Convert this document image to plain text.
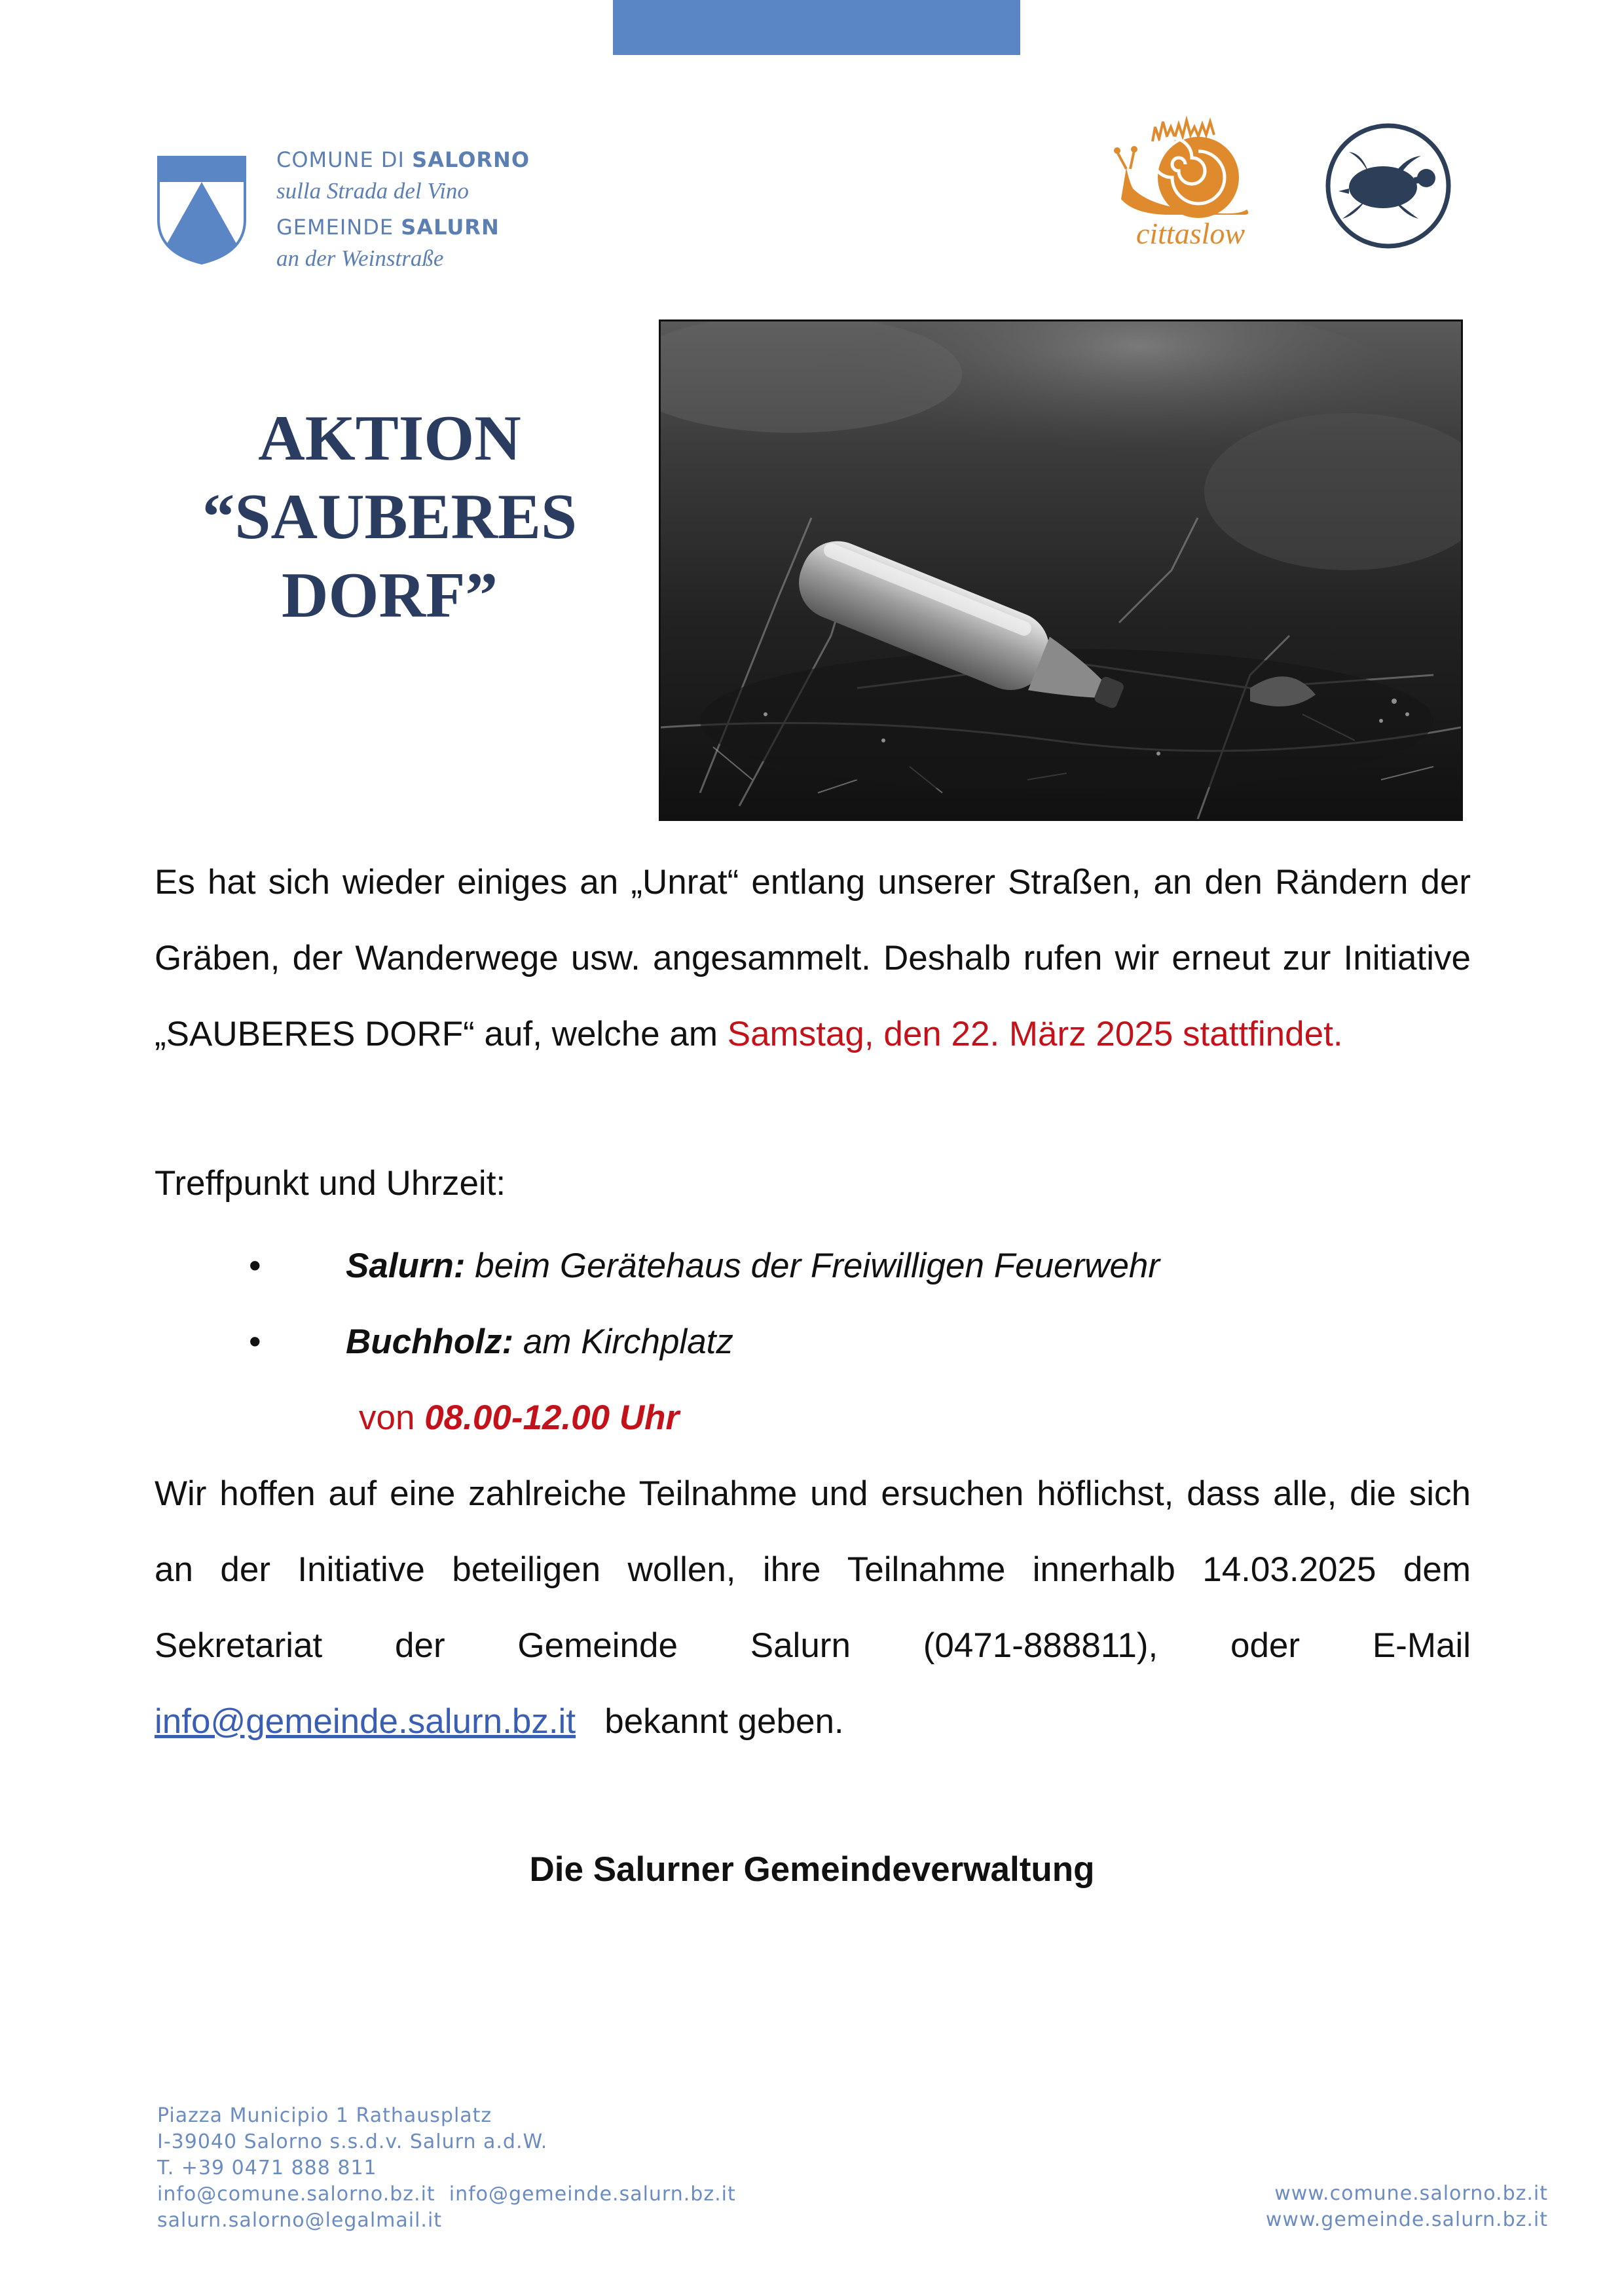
COMUNE DI SALORNO
sulla Strada del Vino
GEMEINDE SALURN
an der Weinstraße
cittaslow
AKTION
“SAUBERES
DORF”
Es hat sich wieder einiges an „Unrat“ entlang unserer Straßen, an den Rändern der Gräben, der Wanderwege usw. angesammelt. Deshalb rufen wir erneut zur Initiative „SAUBERES DORF“ auf, welche am Samstag, den 22. März 2025 stattfindet.
Treffpunkt und Uhrzeit:
• Salurn: beim Gerätehaus der Freiwilligen Feuerwehr
• Buchholz: am Kirchplatz
von 08.00-12.00 Uhr
Wir hoffen auf eine zahlreiche Teilnahme und ersuchen höflichst, dass alle, die sich an der Initiative beteiligen wollen, ihre Teilnahme innerhalb 14.03.2025 dem Sekretariat der Gemeinde Salurn (0471-888811), oder E-Mail info@gemeinde.salurn.bz.it   bekannt geben.
Die Salurner Gemeindeverwaltung
Piazza Municipio 1 Rathausplatz
I-39040 Salorno s.s.d.v. Salurn a.d.W.
T. +39 0471 888 811
info@comune.salorno.bz.it  info@gemeinde.salurn.bz.it
salurn.salorno@legalmail.it
www.comune.salorno.bz.it
www.gemeinde.salurn.bz.it
